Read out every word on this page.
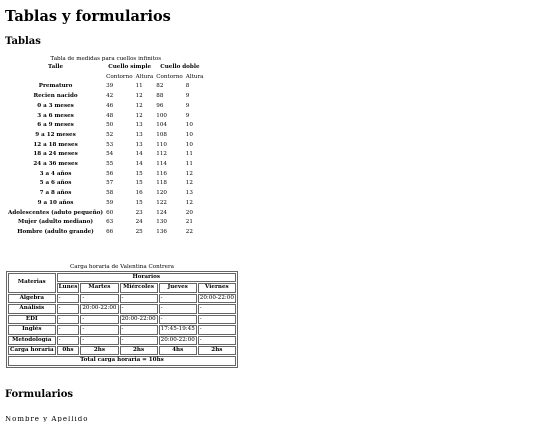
Tablas y formularios
Tablas
Tabla de medidas para cuellos infinitos
Talle	Cuello simple		Cuello doble	
	Contorno	Altura	Contorno	Altura
Prematuro	39	11	82	8
Recien nacido	42	12	88	9
0 a 3 meses	46	12	96	9
3 a 6 meses	48	12	100	9
6 a 9 meses	50	13	104	10
9 a 12 meses	52	13	108	10
12 a 18 meses	53	13	110	10
18 a 24 meses	54	14	112	11
24 a 36 meses	55	14	114	11
3 a 4 años	56	15	116	12
5 a 6 años	57	15	118	12
7 a 8 años	58	16	120	13
9 a 10 años	59	15	122	12
Adolescentes (aduto pequeño)	60	23	124	20
Mujer (adulto mediano)	63	24	130	21
Hombre (adulto grande)	66	25	136	22
Carga horaria de Valentina Contrera
Materias	Horarios				
	Lunes	Martes	Miércoles	Jueves	Viernes
Algebra	-	-	-	-	20:00-22:00
Análisis	-	20:00-22:00	-	-	-
EDI	-	-	20:00-22:00	-	-
Inglés	-	-	-	17:45-19:45	-
Metodología	-	-	-	20:00-22:00	-
Carga horaria	0hs	2hs	2hs	4hs	2hs
Total carga horaria = 10hs					
Formularios
Nombre y Apellido
